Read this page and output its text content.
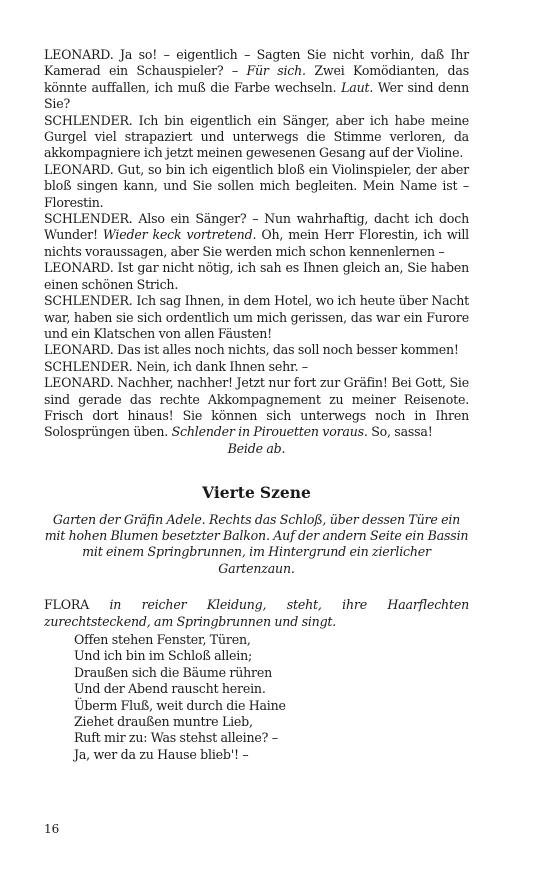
LEONARD. Ja so! – eigentlich – Sagten Sie nicht vorhin, daß Ihr Kamerad ein Schauspieler? – Für sich. Zwei Komödianten, das könnte auffallen, ich muß die Farbe wechseln. Laut. Wer sind denn Sie?

SCHLENDER. Ich bin eigentlich ein Sänger, aber ich habe meine Gurgel viel strapaziert und unterwegs die Stimme verloren, da akkompagniere ich jetzt meinen gewesenen Gesang auf der Violine.

LEONARD. Gut, so bin ich eigentlich bloß ein Violinspieler, der aber bloß singen kann, und Sie sollen mich begleiten. Mein Name ist – Florestin.

SCHLENDER. Also ein Sänger? – Nun wahrhaftig, dacht ich doch Wunder! Wieder keck vortretend. Oh, mein Herr Florestin, ich will nichts voraussagen, aber Sie werden mich schon kennenlernen –

LEONARD. Ist gar nicht nötig, ich sah es Ihnen gleich an, Sie haben einen schönen Strich.

SCHLENDER. Ich sag Ihnen, in dem Hotel, wo ich heute über Nacht war, haben sie sich ordentlich um mich gerissen, das war ein Furore und ein Klatschen von allen Fäusten!

LEONARD. Das ist alles noch nichts, das soll noch besser kommen!

SCHLENDER. Nein, ich dank Ihnen sehr. –

LEONARD. Nachher, nachher! Jetzt nur fort zur Gräfin! Bei Gott, Sie sind gerade das rechte Akkompagnement zu meiner Reisenote. Frisch dort hinaus! Sie können sich unterwegs noch in Ihren Solosprüngen üben. Schlender in Pirouetten voraus. So, sassa!

Beide ab.

Vierte Szene

Garten der Gräfin Adele. Rechts das Schloß, über dessen Türe ein mit hohen Blumen besetzter Balkon. Auf der andern Seite ein Bassin mit einem Springbrunnen, im Hintergrund ein zierlicher Gartenzaun.

FLORA in reicher Kleidung, steht, ihre Haarflechten zurechtsteckend, am Springbrunnen und singt.

Offen stehen Fenster, Türen,
Und ich bin im Schloß allein;
Draußen sich die Bäume rühren
Und der Abend rauscht herein.
Überm Fluß, weit durch die Haine
Ziehet draußen muntre Lieb,
Ruft mir zu: Was stehst alleine? –
Ja, wer da zu Hause blieb'! –
16
